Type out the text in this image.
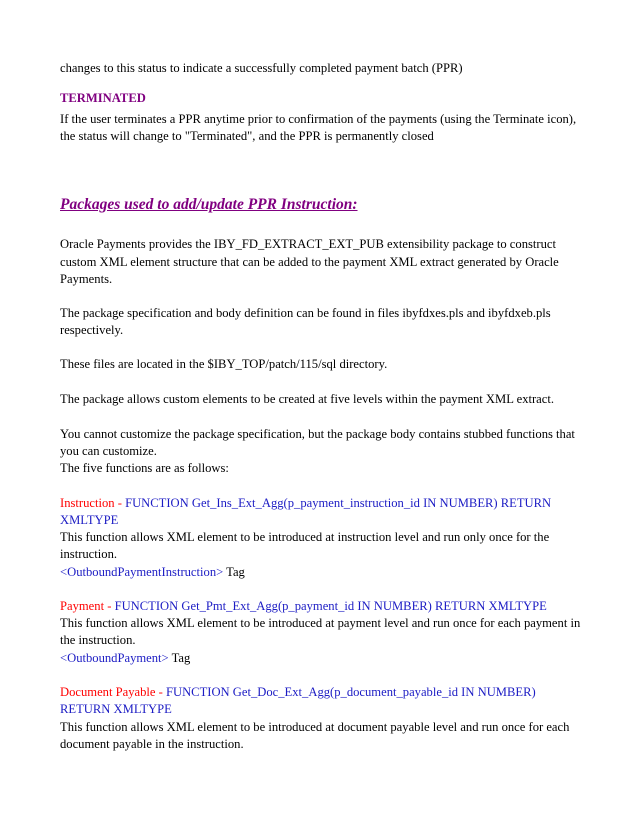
changes to this status to indicate a successfully completed payment batch (PPR)

TERMINATED

If the user terminates a PPR anytime prior to confirmation of the payments (using the Terminate icon),

the status will change to "Terminated", and the PPR is permanently closed

Packages used to add/update PPR Instruction:

Oracle Payments provides the IBY_FD_EXTRACT_EXT_PUB extensibility package to construct

custom XML element structure that can be added to the payment XML extract generated by Oracle

Payments.

The package specification and body definition can be found in files ibyfdxes.pls and ibyfdxeb.pls

respectively.

These files are located in the $IBY_TOP/patch/115/sql directory.

The package allows custom elements to be created at five levels within the payment XML extract.

You cannot customize the package specification, but the package body contains stubbed functions that

you can customize.

The five functions are as follows:

Instruction - FUNCTION Get_Ins_Ext_Agg(p_payment_instruction_id IN NUMBER) RETURN

XMLTYPE

This function allows XML element to be introduced at instruction level and run only once for the

instruction.

<OutboundPaymentInstruction> Tag

Payment - FUNCTION Get_Pmt_Ext_Agg(p_payment_id IN NUMBER) RETURN XMLTYPE

This function allows XML element to be introduced at payment level and run once for each payment in

the instruction.

<OutboundPayment> Tag

Document Payable - FUNCTION Get_Doc_Ext_Agg(p_document_payable_id IN NUMBER)

RETURN XMLTYPE

This function allows XML element to be introduced at document payable level and run once for each

document payable in the instruction.
